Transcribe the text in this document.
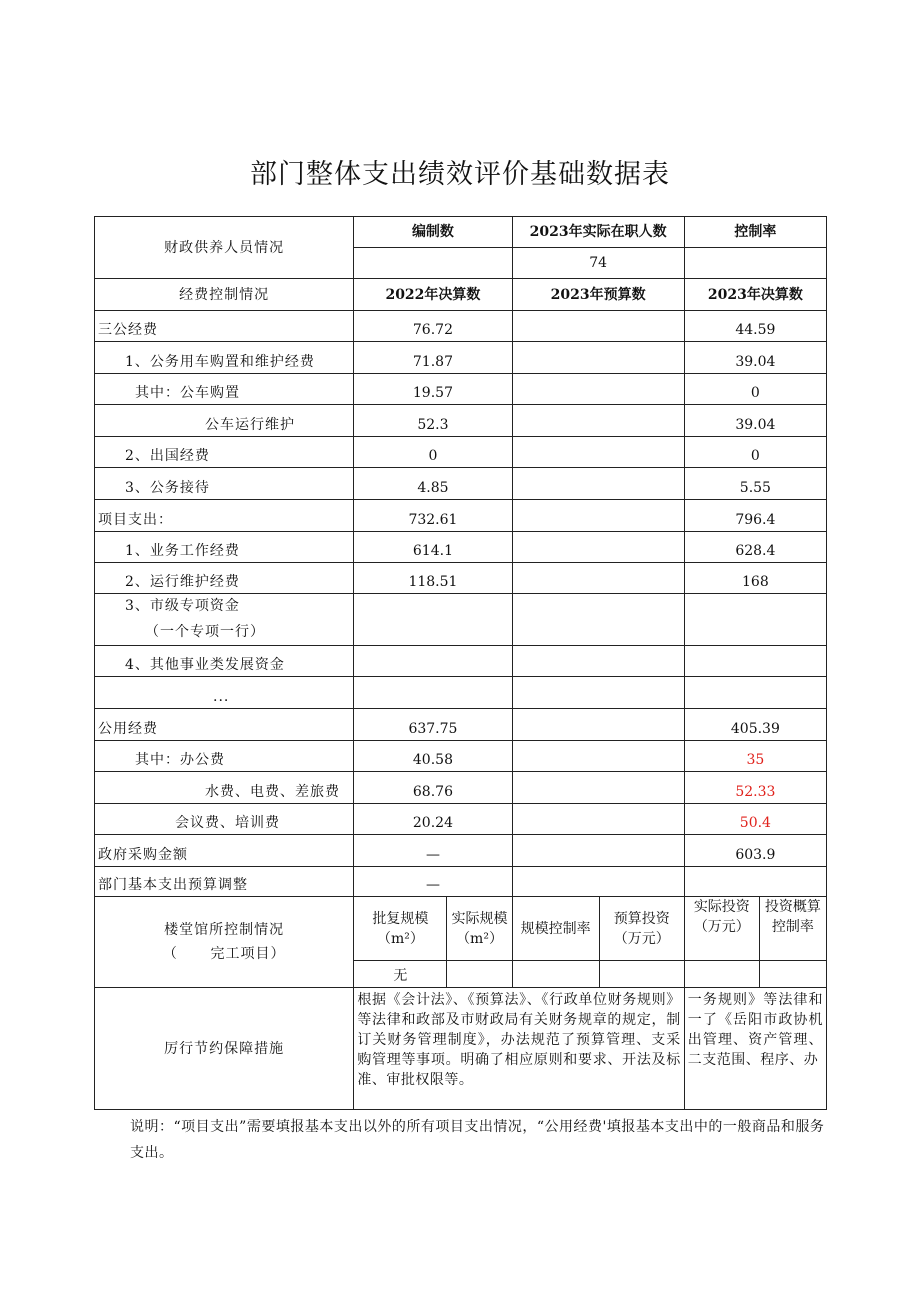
部门整体支出绩效评价基础数据表
财政供养人员情况	编制数		2023年实际在职人数		控制率	
			74			
经费控制情况	2022年决算数		2023年预算数		2023年决算数	
三公经费	76.72				44.59	
1、公务用车购置和维护经费	71.87				39.04	
其中：公车购置	19.57				0	
公车运行维护	52.3				39.04	
2、出国经费	0				0	
3、公务接待	4.85				5.55	
项目支出：	732.61				796.4	
1、业务工作经费	614.1				628.4	
2、运行维护经费	118.51				168	

3、市级专项资金
（一个专项一行）						

4、其他事业类发展资金						
...						
公用经费	637.75				405.39	
其中：办公费	40.58				35	
水费、电费、差旅费	68.76				52.33	
会议费、培训费	20.24				50.4	
政府采购金额	—				603.9	
部门基本支出预算调整	—					

楼堂馆所控制情况
（      完工项目）	批复规模（m²）	实际规模（m²）	规模控制率	预算投资（万元）	实际投资（万元）	投资概算控制率
	无					
厉行节约保障措施	根据《会计法》、《预算法》、《行政单位财务规则》等法律和政部及市财政局有关财务规章的规定，制订关财务管理制度》，办法规范了预算管理、支采购管理等事项。明确了相应原则和要求、开法及标准、审批权限等。				一务规则》等法律和一了《岳阳市政协机出管理、资产管理、二支范围、程序、办	
说明：“项目支出”需要填报基本支出以外的所有项目支出情况，“公用经费'填报基本支出中的一般商品和服务支出。
